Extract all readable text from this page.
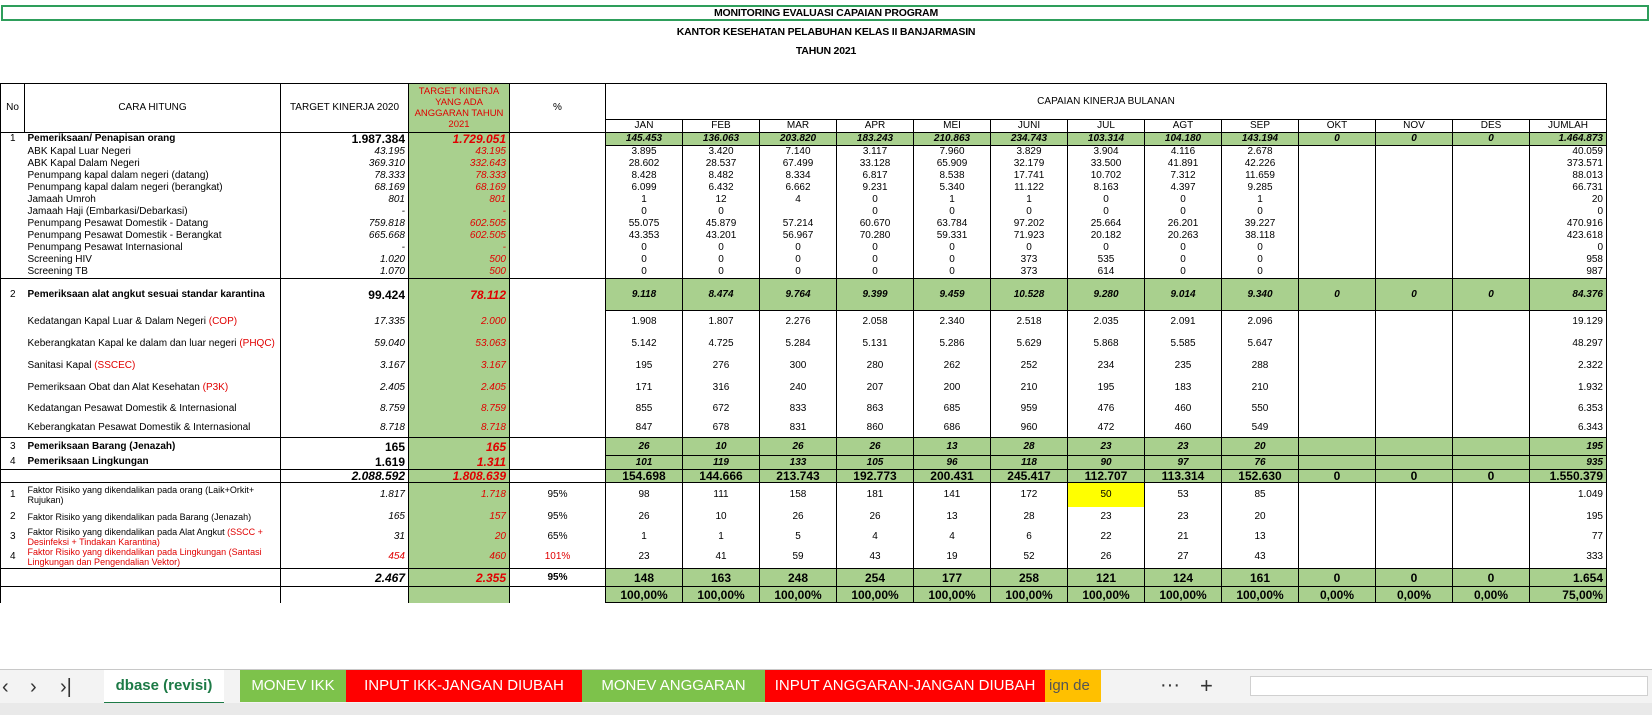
MONITORING EVALUASI CAPAIAN PROGRAM
KANTOR KESEHATAN PELABUHAN KELAS II BANJARMASIN
TAHUN 2021
No	CARA HITUNG	TARGET KINERJA 2020	TARGET KINERJA YANG ADA ANGGARAN TAHUN 2021	%	CAPAIAN KINERJA BULANAN												
					JAN	FEB	MAR	APR	MEI	JUNI	JUL	AGT	SEP	OKT	NOV	DES	JUMLAH
1	Pemeriksaan/ Penapisan orang	1.987.384	1.729.051		145.453	136.063	203.820	183.243	210.863	234.743	103.314	104.180	143.194	0	0	0	1.464.873
	ABK Kapal Luar Negeri	43.195	43.195		3.895	3.420	7.140	3.117	7.960	3.829	3.904	4.116	2.678				40.059
	ABK Kapal Dalam Negeri	369.310	332.643		28.602	28.537	67.499	33.128	65.909	32.179	33.500	41.891	42.226				373.571
	Penumpang kapal dalam negeri (datang)	78.333	78.333		8.428	8.482	8.334	6.817	8.538	17.741	10.702	7.312	11.659				88.013
	Penumpang kapal dalam negeri (berangkat)	68.169	68.169		6.099	6.432	6.662	9.231	5.340	11.122	8.163	4.397	9.285				66.731
	Jamaah Umroh	801	801		1	12	4	0	1	1	0	0	1				20
	Jamaah Haji (Embarkasi/Debarkasi)	-	-		0	0		0	0	0	0	0	0				0
	Penumpang Pesawat Domestik - Datang	759.818	602.505		55.075	45.879	57.214	60.670	63.784	97.202	25.664	26.201	39.227				470.916
	Penumpang Pesawat Domestik - Berangkat	665.668	602.505		43.353	43.201	56.967	70.280	59.331	71.923	20.182	20.263	38.118				423.618
	Penumpang Pesawat Internasional	-	-		0	0	0	0	0	0	0	0	0				0
	Screening HIV	1.020	500		0	0	0	0	0	373	535	0	0				958
	Screening TB	1.070	500		0	0	0	0	0	373	614	0	0				987
2	Pemeriksaan alat angkut sesuai standar karantina	99.424	78.112		9.118	8.474	9.764	9.399	9.459	10.528	9.280	9.014	9.340	0	0	0	84.376
	Kedatangan Kapal Luar & Dalam Negeri (COP)	17.335	2.000		1.908	1.807	2.276	2.058	2.340	2.518	2.035	2.091	2.096				19.129
	Keberangkatan Kapal ke dalam dan luar negeri (PHQC)	59.040	53.063		5.142	4.725	5.284	5.131	5.286	5.629	5.868	5.585	5.647				48.297
	Sanitasi Kapal (SSCEC)	3.167	3.167		195	276	300	280	262	252	234	235	288				2.322
	Pemeriksaan Obat dan Alat Kesehatan (P3K)	2.405	2.405		171	316	240	207	200	210	195	183	210				1.932
	Kedatangan Pesawat Domestik & Internasional	8.759	8.759		855	672	833	863	685	959	476	460	550				6.353
	Keberangkatan Pesawat Domestik & Internasional	8.718	8.718		847	678	831	860	686	960	472	460	549				6.343
3	Pemeriksaan Barang (Jenazah)	165	165		26	10	26	26	13	28	23	23	20				195
4	Pemeriksaan Lingkungan	1.619	1.311		101	119	133	105	96	118	90	97	76				935
		2.088.592	1.808.639		154.698	144.666	213.743	192.773	200.431	245.417	112.707	113.314	152.630	0	0	0	1.550.379
1	Faktor Risiko yang dikendalikan pada orang (Laik+Orkit+ Rujukan)	1.817	1.718	95%	98	111	158	181	141	172	50	53	85				1.049
2	Faktor Risiko yang dikendalikan pada Barang (Jenazah)	165	157	95%	26	10	26	26	13	28	23	23	20				195
3	Faktor Risiko yang dikendalikan pada Alat Angkut (SSCC + Desinfeksi + Tindakan Karantina)	31	20	65%	1	1	5	4	4	6	22	21	13				77
4	Faktor Risiko yang dikendalikan pada Lingkungan (Santasi Lingkungan dan Pengendalian Vektor)	454	460	101%	23	41	59	43	19	52	26	27	43				333
		2.467	2.355	95%	148	163	248	254	177	258	121	124	161	0	0	0	1.654
					100,00%	100,00%	100,00%	100,00%	100,00%	100,00%	100,00%	100,00%	100,00%	0,00%	0,00%	0,00%	75,00%
‹ › ›|	dbase (revisi)	MONEV IKK	INPUT IKK-JANGAN DIUBAH	MONEV ANGGARAN	INPUT ANGGARAN-JANGAN DIUBAH ign de	··· +
